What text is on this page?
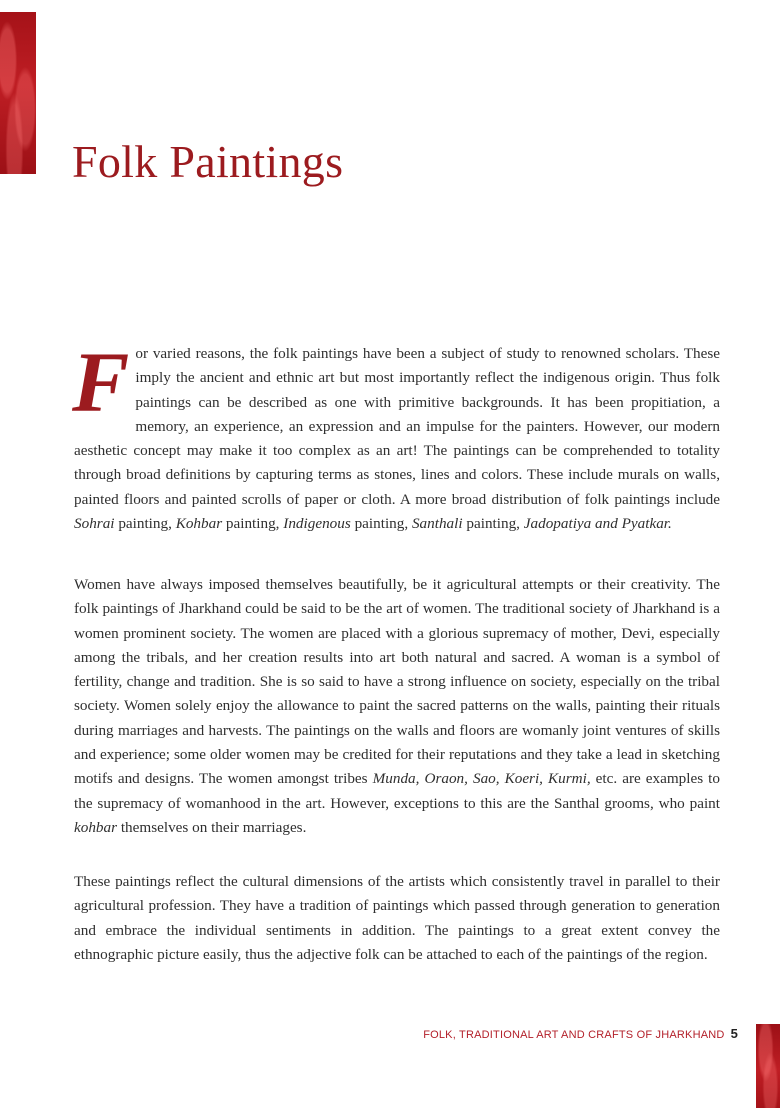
Folk Paintings

For varied reasons, the folk paintings have been a subject of study to renowned scholars. These imply the ancient and ethnic art but most importantly reflect the indigenous origin. Thus folk paintings can be described as one with primitive backgrounds. It has been propitiation, a memory, an experience, an expression and an impulse for the painters. However, our modern aesthetic concept may make it too complex as an art! The paintings can be comprehended to totality through broad definitions by capturing terms as stones, lines and colors. These include murals on walls, painted floors and painted scrolls of paper or cloth. A more broad distribution of folk paintings include Sohrai painting, Kohbar painting, Indigenous painting, Santhali painting, Jadopatiya and Pyatkar.

Women have always imposed themselves beautifully, be it agricultural attempts or their creativity. The folk paintings of Jharkhand could be said to be the art of women. The traditional society of Jharkhand is a women prominent society. The women are placed with a glorious supremacy of mother, Devi, especially among the tribals, and her creation results into art both natural and sacred. A woman is a symbol of fertility, change and tradition. She is so said to have a strong influence on society, especially on the tribal society. Women solely enjoy the allowance to paint the sacred patterns on the walls, painting their rituals during marriages and harvests. The paintings on the walls and floors are womanly joint ventures of skills and experience; some older women may be credited for their reputations and they take a lead in sketching motifs and designs. The women amongst tribes Munda, Oraon, Sao, Koeri, Kurmi, etc. are examples to the supremacy of womanhood in the art. However, exceptions to this are the Santhal grooms, who paint kohbar themselves on their marriages.

These paintings reflect the cultural dimensions of the artists which consistently travel in parallel to their agricultural profession. They have a tradition of paintings which passed through generation to generation and embrace the individual sentiments in addition. The paintings to a great extent convey the ethnographic picture easily, thus the adjective folk can be attached to each of the paintings of the region.

FOLK, TRADITIONAL ART AND CRAFTS OF JHARKHAND 5
